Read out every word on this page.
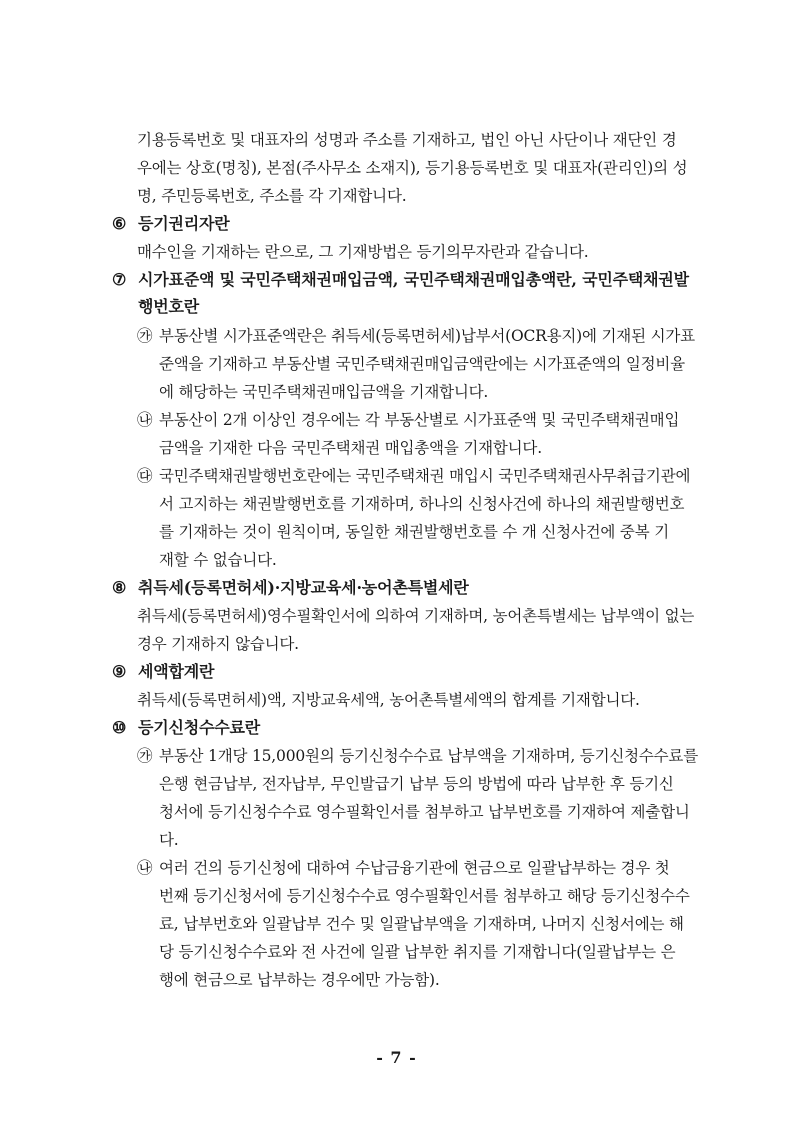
기용등록번호 및 대표자의 성명과 주소를 기재하고, 법인 아닌 사단이나 재단인 경
우에는 상호(명칭), 본점(주사무소 소재지), 등기용등록번호 및 대표자(관리인)의 성
명, 주민등록번호, 주소를 각 기재합니다.
⑥ 등기권리자란
매수인을 기재하는 란으로, 그 기재방법은 등기의무자란과 같습니다.
⑦ 시가표준액 및 국민주택채권매입금액, 국민주택채권매입총액란, 국민주택채권발
행번호란
㉮ 부동산별 시가표준액란은 취득세(등록면허세)납부서(OCR용지)에 기재된 시가표
준액을 기재하고 부동산별 국민주택채권매입금액란에는 시가표준액의 일정비율
에 해당하는 국민주택채권매입금액을 기재합니다.
㉯ 부동산이 2개 이상인 경우에는 각 부동산별로 시가표준액 및 국민주택채권매입
금액을 기재한 다음 국민주택채권 매입총액을 기재합니다.
㉰ 국민주택채권발행번호란에는 국민주택채권 매입시 국민주택채권사무취급기관에
서 고지하는 채권발행번호를 기재하며, 하나의 신청사건에 하나의 채권발행번호
를 기재하는 것이 원칙이며, 동일한 채권발행번호를 수 개 신청사건에 중복 기
재할 수 없습니다.
⑧ 취득세(등록면허세)·지방교육세·농어촌특별세란
취득세(등록면허세)영수필확인서에 의하여 기재하며, 농어촌특별세는 납부액이 없는
경우 기재하지 않습니다.
⑨ 세액합계란
취득세(등록면허세)액, 지방교육세액, 농어촌특별세액의 합계를 기재합니다.
⑩ 등기신청수수료란
㉮ 부동산 1개당 15,000원의 등기신청수수료 납부액을 기재하며, 등기신청수수료를
은행 현금납부, 전자납부, 무인발급기 납부 등의 방법에 따라 납부한 후 등기신
청서에 등기신청수수료 영수필확인서를 첨부하고 납부번호를 기재하여 제출합니
다.
㉯ 여러 건의 등기신청에 대하여 수납금융기관에 현금으로 일괄납부하는 경우 첫
번째 등기신청서에 등기신청수수료 영수필확인서를 첨부하고 해당 등기신청수수
료, 납부번호와 일괄납부 건수 및 일괄납부액을 기재하며, 나머지 신청서에는 해
당 등기신청수수료와 전 사건에 일괄 납부한 취지를 기재합니다(일괄납부는 은
행에 현금으로 납부하는 경우에만 가능함).
- 7 -
